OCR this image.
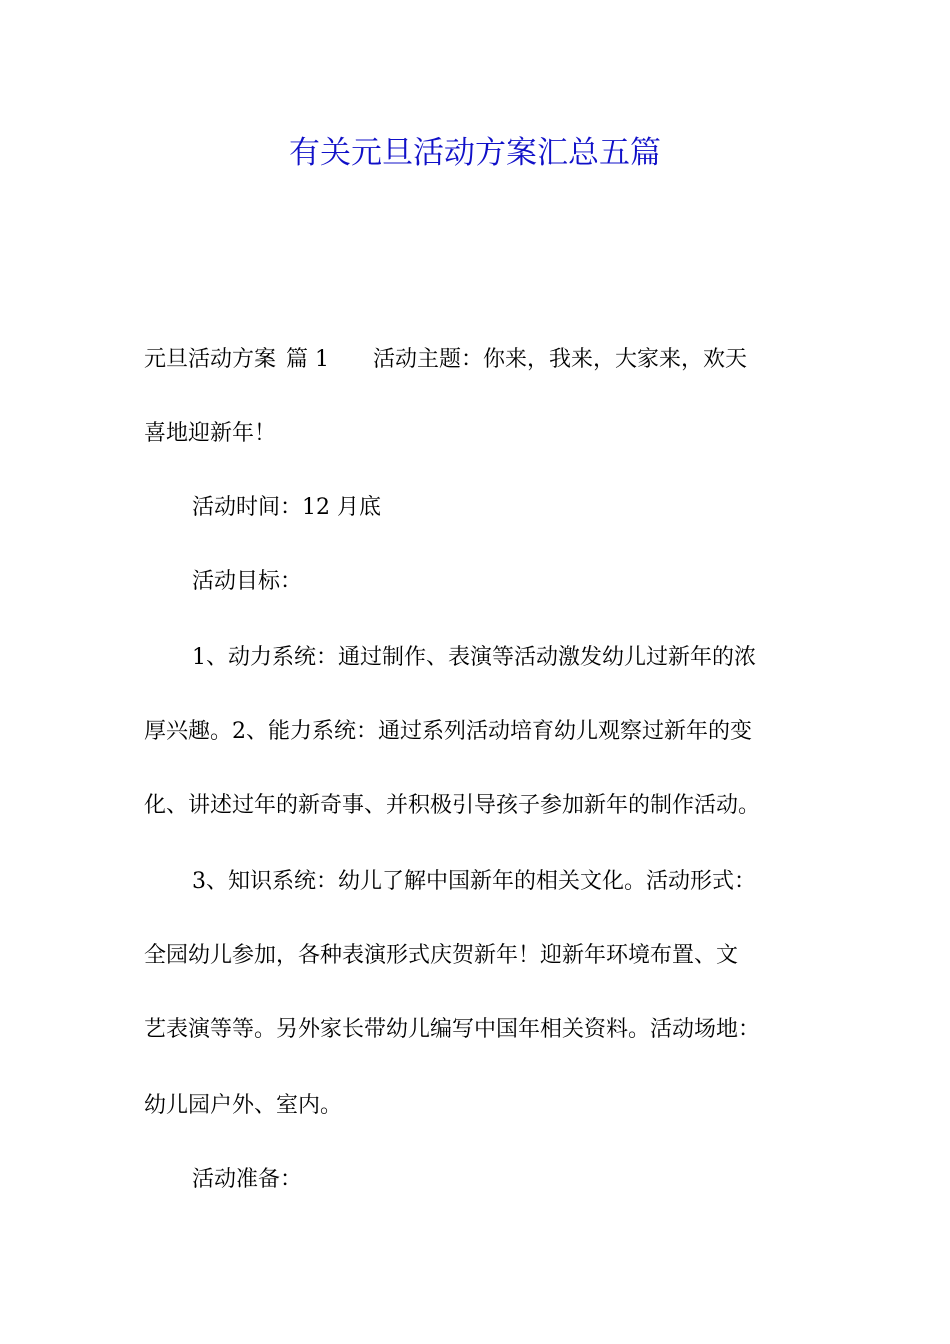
有关元旦活动方案汇总五篇

元旦活动方案 篇 1 活动主题：你来，我来，大家来，欢天

喜地迎新年！

活动时间：12 月底

活动目标：

1、动力系统：通过制作、表演等活动激发幼儿过新年的浓

厚兴趣。2、能力系统：通过系列活动培育幼儿观察过新年的变

化、讲述过年的新奇事、并积极引导孩子参加新年的制作活动。

3、知识系统：幼儿了解中国新年的相关文化。活动形式：

全园幼儿参加，各种表演形式庆贺新年！迎新年环境布置、文

艺表演等等。另外家长带幼儿编写中国年相关资料。活动场地：

幼儿园户外、室内。

活动准备：
